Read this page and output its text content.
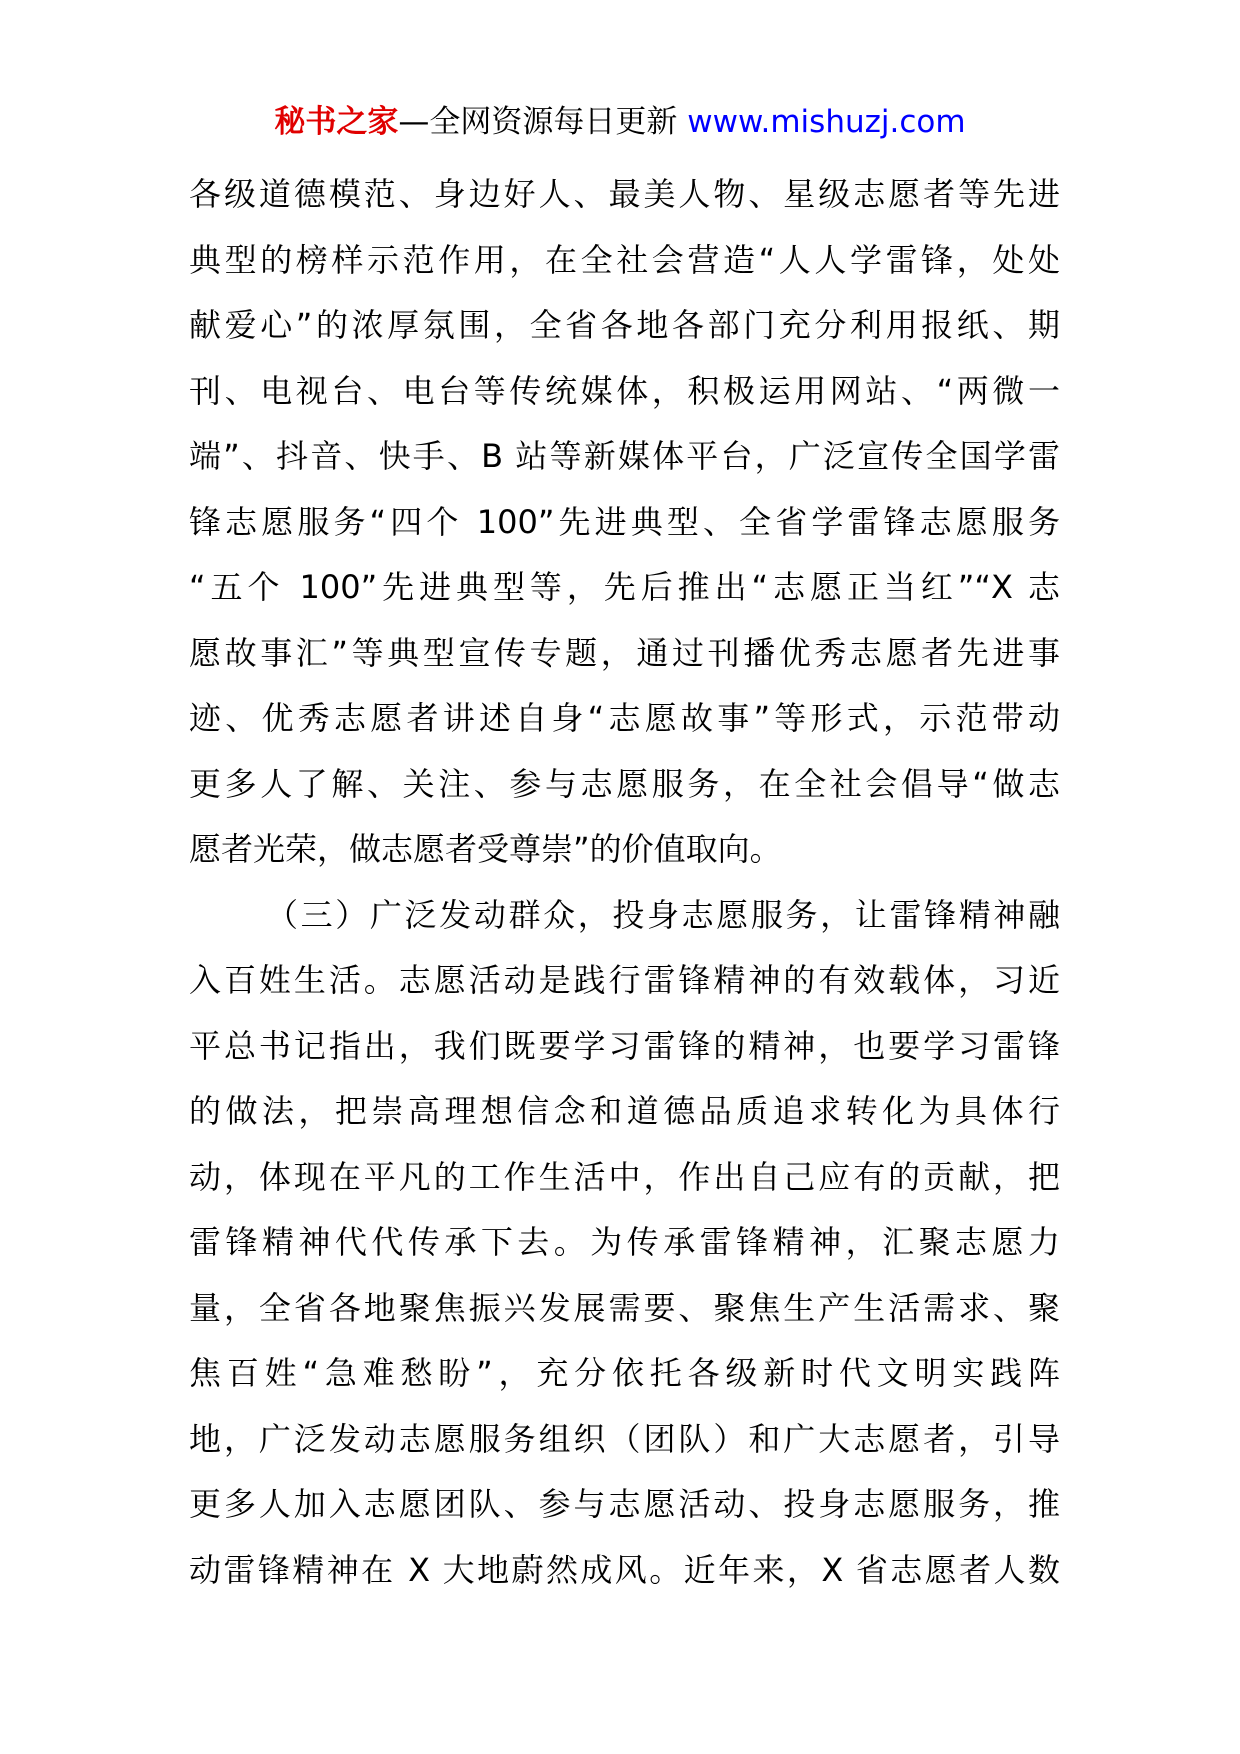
秘书之家—全网资源每日更新 www.mishuzj.com
各级道德模范、身边好人、最美人物、星级志愿者等先进
典型的榜样示范作用，在全社会营造“人人学雷锋，处处
献爱心”的浓厚氛围，全省各地各部门充分利用报纸、期
刊、电视台、电台等传统媒体，积极运用网站、“两微一
端”、抖音、快手、B 站等新媒体平台，广泛宣传全国学雷
锋志愿服务“四个 100”先进典型、全省学雷锋志愿服务
“五个 100”先进典型等，先后推出“志愿正当红”“X 志
愿故事汇”等典型宣传专题，通过刊播优秀志愿者先进事
迹、优秀志愿者讲述自身“志愿故事”等形式，示范带动
更多人了解、关注、参与志愿服务，在全社会倡导“做志
愿者光荣，做志愿者受尊崇”的价值取向。
（三）广泛发动群众，投身志愿服务，让雷锋精神融
入百姓生活。志愿活动是践行雷锋精神的有效载体，习近
平总书记指出，我们既要学习雷锋的精神，也要学习雷锋
的做法，把崇高理想信念和道德品质追求转化为具体行
动，体现在平凡的工作生活中，作出自己应有的贡献，把
雷锋精神代代传承下去。为传承雷锋精神，汇聚志愿力
量，全省各地聚焦振兴发展需要、聚焦生产生活需求、聚
焦百姓“急难愁盼”，充分依托各级新时代文明实践阵
地，广泛发动志愿服务组织（团队）和广大志愿者，引导
更多人加入志愿团队、参与志愿活动、投身志愿服务，推
动雷锋精神在 X 大地蔚然成风。近年来，X 省志愿者人数
